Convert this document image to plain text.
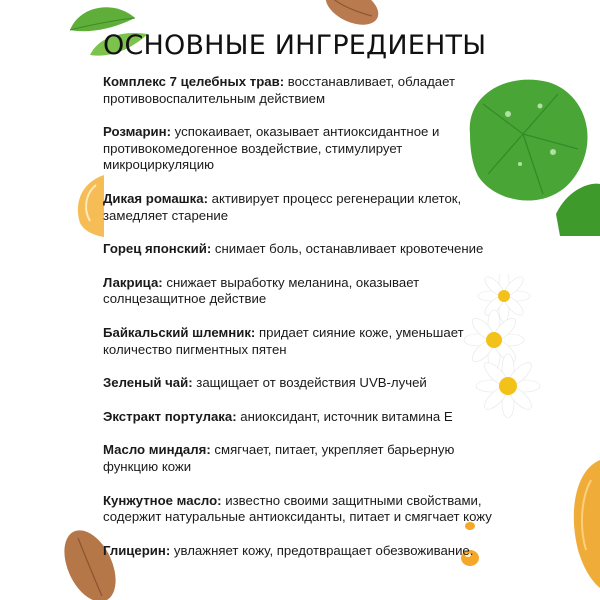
ОСНОВНЫЕ ИНГРЕДИЕНТЫ

Комплекс 7 целебных трав: восстанавливает, обладает противовоспалительным действием

Розмарин: успокаивает, оказывает антиоксидантное и противокомедогенное воздействие, стимулирует микроциркуляцию

Дикая ромашка: активирует процесс регенерации клеток, замедляет старение

Горец японский: снимает боль, останавливает кровотечение

Лакрица: снижает выработку меланина, оказывает солнцезащитное действие

Байкальский шлемник: придает сияние коже, уменьшает количество пигментных пятен

Зеленый чай: защищает от воздействия UVB-лучей

Экстракт портулака: аниоксидант, источник витамина Е

Масло миндаля: смягчает, питает, укрепляет барьерную функцию кожи

Кунжутное масло: известно своими защитными свойствами, содержит натуральные антиоксиданты, питает и смягчает кожу

Глицерин: увлажняет кожу, предотвращает обезвоживание.
